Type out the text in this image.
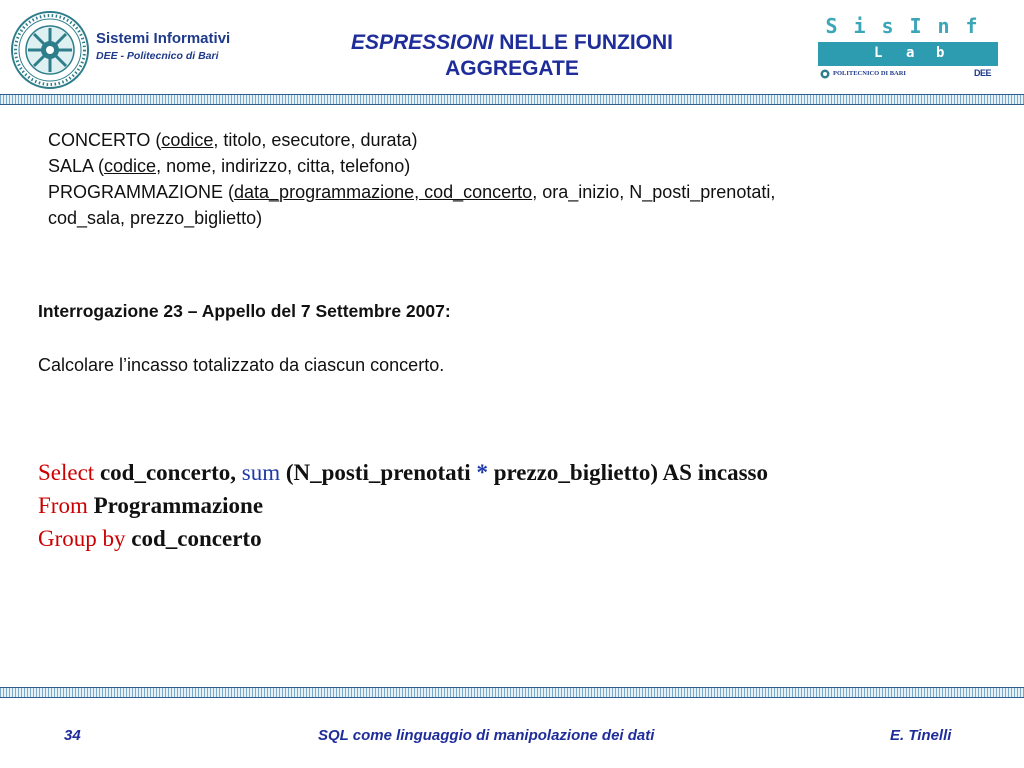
Sistemi Informativi
DEE - Politecnico di Bari
ESPRESSIONI NELLE FUNZIONI
AGGREGATE
S i s I n f
L a b
POLITECNICO DI BARI	DEE
CONCERTO (codice, titolo, esecutore, durata)
SALA (codice, nome, indirizzo, citta, telefono)
PROGRAMMAZIONE (data_programmazione, cod_concerto, ora_inizio, N_posti_prenotati,
cod_sala, prezzo_biglietto)
Interrogazione 23 – Appello del 7 Settembre 2007:
Calcolare l’incasso totalizzato da ciascun concerto.
Select cod_concerto, sum (N_posti_prenotati * prezzo_biglietto) AS incasso
From Programmazione
Group by cod_concerto
34	SQL come linguaggio di manipolazione dei dati	E. Tinelli
